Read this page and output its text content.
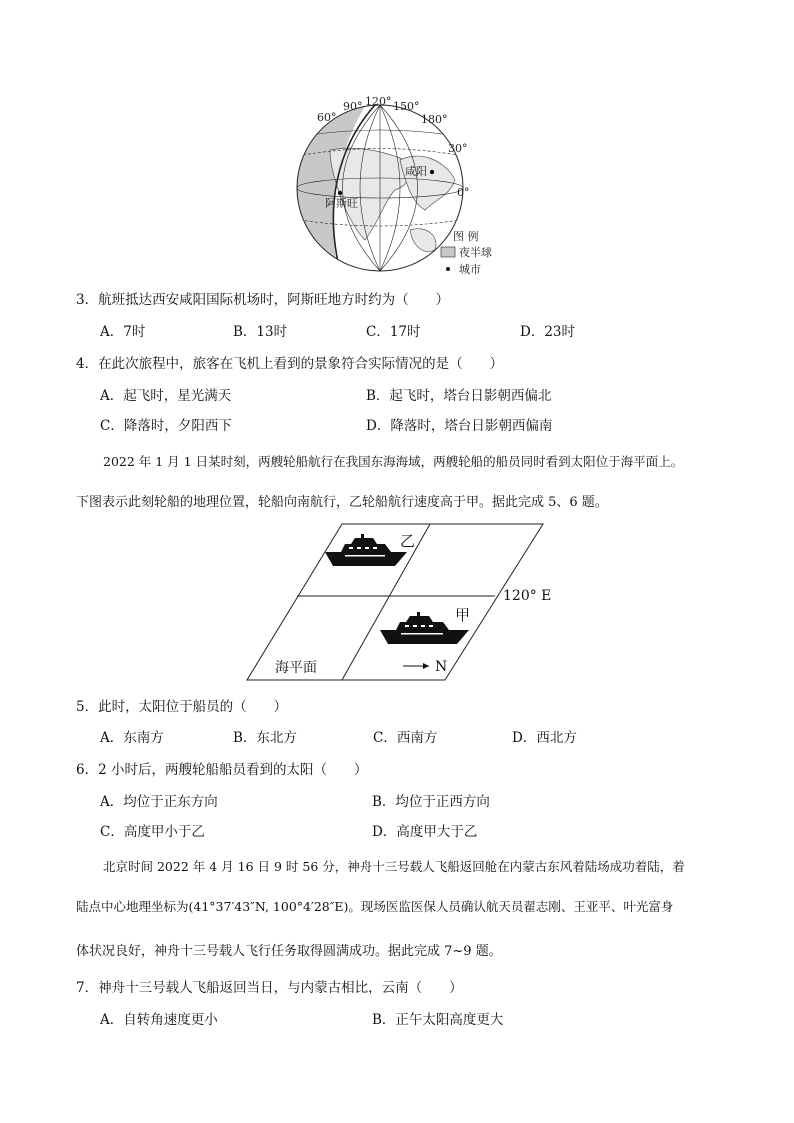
60°
90° 120° 150°
180°
30°
0°
咸阳
阿斯旺
图 例
夜半球
城市
3．航班抵达西安咸阳国际机场时，阿斯旺地方时约为（　　）
A．7时	B．13时	C．17时	D．23时
4．在此次旅程中，旅客在飞机上看到的景象符合实际情况的是（　　）
A．起飞时，星光满天	B．起飞时，塔台日影朝西偏北
C．降落时，夕阳西下	D．降落时，塔台日影朝西偏南
2022 年 1 月 1 日某时刻，两艘轮船航行在我国东海海域，两艘轮船的船员同时看到太阳位于海平面上。
下图表示此刻轮船的地理位置，轮船向南航行，乙轮船航行速度高于甲。据此完成 5、6 题。
乙
甲
120° E
海平面	N
5．此时，太阳位于船员的（　　）
A．东南方	B．东北方	C．西南方	D．西北方
6．2 小时后，两艘轮船船员看到的太阳（　　）
A．均位于正东方向	B．均位于正西方向
C．高度甲小于乙	D．高度甲大于乙
北京时间 2022 年 4 月 16 日 9 时 56 分，神舟十三号载人飞船返回舱在内蒙古东风着陆场成功着陆，着
陆点中心地理坐标为(41°37′43″N, 100°4′28″E)。现场医监医保人员确认航天员翟志刚、王亚平、叶光富身
体状况良好，神舟十三号载人飞行任务取得圆满成功。据此完成 7~9 题。
7．神舟十三号载人飞船返回当日，与内蒙古相比，云南（　　）
A．自转角速度更小	B．正午太阳高度更大
